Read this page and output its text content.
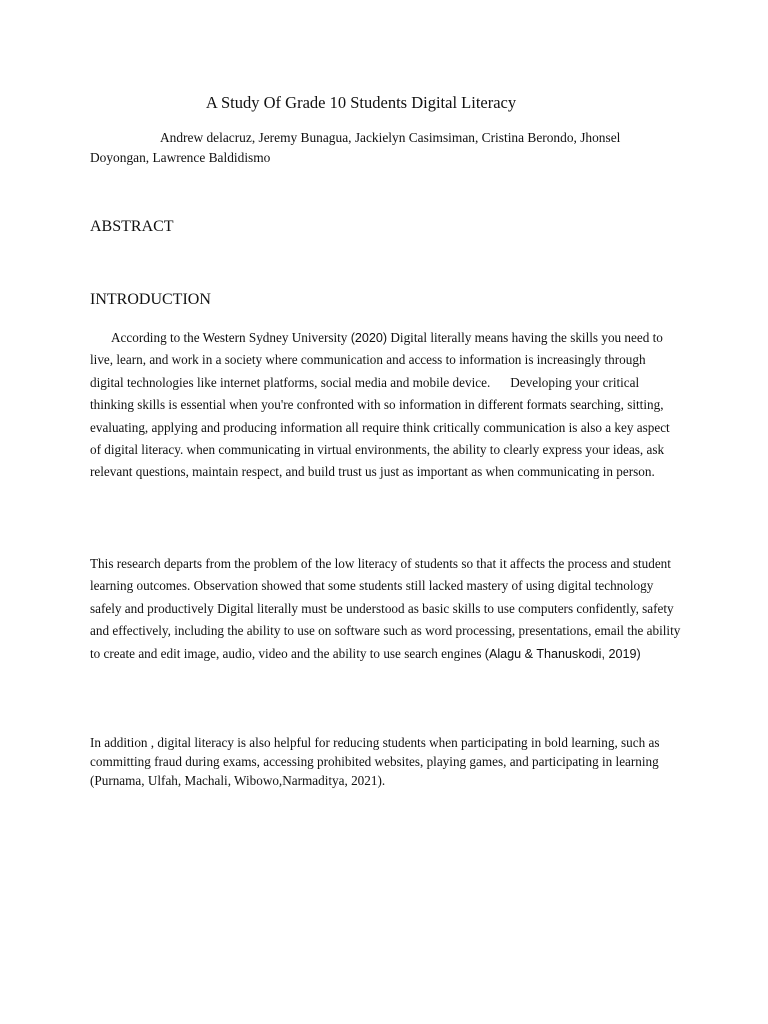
A Study Of Grade 10 Students Digital Literacy

Andrew delacruz, Jeremy Bunagua, Jackielyn Casimsiman, Cristina Berondo, Jhonsel Doyongan, Lawrence Baldidismo

ABSTRACT
INTRODUCTION

According to the Western Sydney University (2020) Digital literally means having the skills you need to live, learn, and work in a society where communication and access to information is increasingly through digital technologies like internet platforms, social media and mobile device. Developing your critical thinking skills is essential when you're confronted with so information in different formats searching, sitting, evaluating, applying and producing information all require think critically communication is also a key aspect of digital literacy. when communicating in virtual environments, the ability to clearly express your ideas, ask relevant questions, maintain respect, and build trust us just as important as when communicating in person.

This research departs from the problem of the low literacy of students so that it affects the process and student learning outcomes. Observation showed that some students still lacked mastery of using digital technology safely and productively Digital literally must be understood as basic skills to use computers confidently, safety and effectively, including the ability to use on software such as word processing, presentations, email the ability to create and edit image, audio, video and the ability to use search engines (Alagu & Thanuskodi, 2019)

In addition , digital literacy is also helpful for reducing students when participating in bold learning, such as committing fraud during exams, accessing prohibited websites, playing games, and participating in learning (Purnama, Ulfah, Machali, Wibowo,Narmaditya, 2021).
